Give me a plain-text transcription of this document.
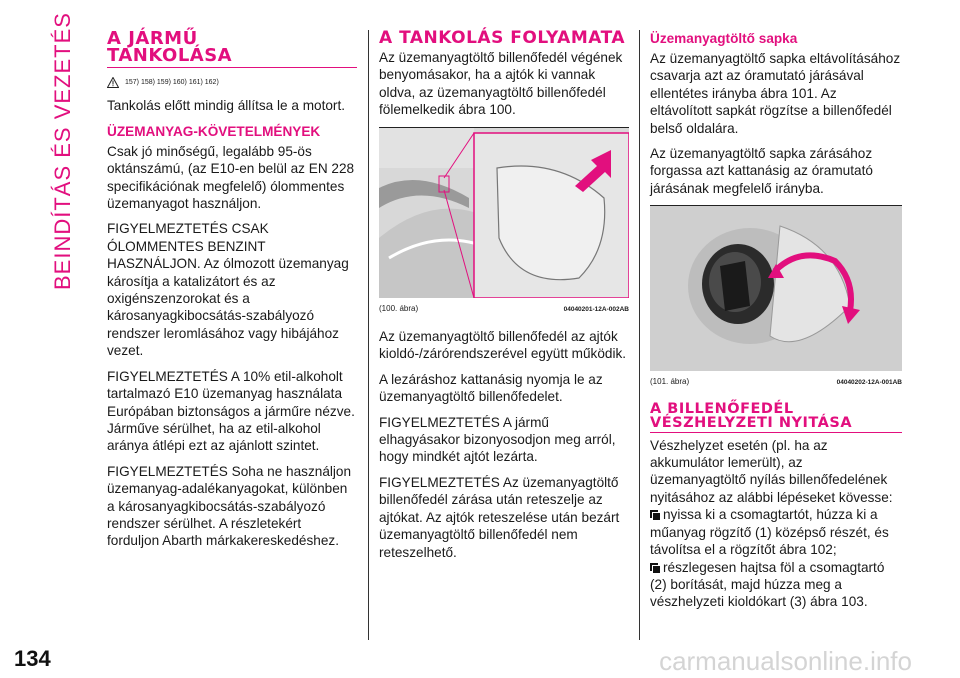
BEINDÍTÁS ÉS VEZETÉS A JÁRMŰ TANKOLÁSA
157) 158) 159) 160) 161) 162)

Tankolás előtt mindig állítsa le a motort.

ÜZEMANYAG-KÖVETELMÉNYEK

Csak jó minőségű, legalább 95-ös oktánszámú, (az E10-en belül az EN 228 specifikációnak megfelelő) ólommentes üzemanyagot használjon.

FIGYELMEZTETÉS CSAK ÓLOMMENTES BENZINT HASZNÁLJON. Az ólmozott üzemanyag károsítja a katalizátort és az oxigénszenzorokat és a károsanyagkibocsátás-szabályozó rendszer leromlásához vagy hibájához vezet.

FIGYELMEZTETÉS A 10% etil-alkoholt tartalmazó E10 üzemanyag használata Európában biztonságos a járműre nézve. Járműve sérülhet, ha az etil-alkohol aránya átlépi ezt az ajánlott szintet.

FIGYELMEZTETÉS Soha ne használjon üzemanyag-adalékanyagokat, különben a károsanyagkibocsátás-szabályozó rendszer sérülhet. A részletekért forduljon Abarth márkakereskedéshez.

A TANKOLÁS FOLYAMATA

Az üzemanyagtöltő billenőfedél végének benyomásakor, ha a ajtók ki vannak oldva, az üzemanyagtöltő billenőfedél fölemelkedik ábra 100.

(100. ábra)	04040201-12A-002AB

Az üzemanyagtöltő billenőfedél az ajtók kioldó-/zárórendszerével együtt működik.

A lezáráshoz kattanásig nyomja le az üzemanyagtöltő billenőfedelet.

FIGYELMEZTETÉS A jármű elhagyásakor bizonyosodjon meg arról, hogy mindkét ajtót lezárta.

FIGYELMEZTETÉS Az üzemanyagtöltő billenőfedél zárása után reteszelje az ajtókat. Az ajtók reteszelése után bezárt üzemanyagtöltő billenőfedél nem reteszelhető.

Üzemanyagtöltő sapka

Az üzemanyagtöltő sapka eltávolításához csavarja azt az óramutató járásával ellentétes irányba ábra 101. Az eltávolított sapkát rögzítse a billenőfedél belső oldalára.

Az üzemanyagtöltő sapka zárásához forgassa azt kattanásig az óramutató járásának megfelelő irányba.

(101. ábra)	04040202-12A-001AB
A BILLENŐFEDÉL VÉSZHELYZETI NYITÁSA

Vészhelyzet esetén (pl. ha az akkumulátor lemerült), az üzemanyagtöltő nyílás billenőfedelének nyitásához az alábbi lépéseket kövesse:

nyissa ki a csomagtartót, húzza ki a műanyag rögzítő (1) középső részét, és távolítsa el a rögzítőt ábra 102;

részlegesen hajtsa föl a csomagtartó (2) borítását, majd húzza meg a vészhelyzeti kioldókart (3) ábra 103.

134	carmanualsonline.info
